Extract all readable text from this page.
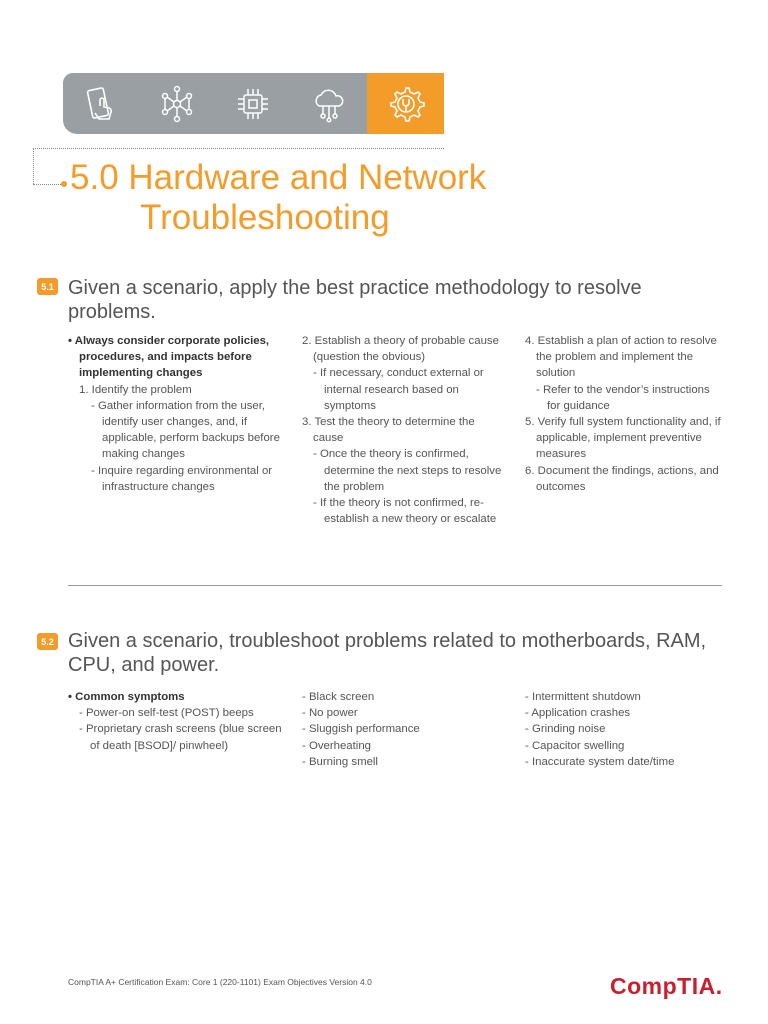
5.0 Hardware and Network
Troubleshooting
5.1 Given a scenario, apply the best practice methodology to resolve problems.

• Always consider corporate policies, procedures, and impacts before implementing changes

1. Identify the problem

- Gather information from the user, identify user changes, and, if applicable, perform backups before making changes

- Inquire regarding environmental or infrastructure changes

2. Establish a theory of probable cause (question the obvious)

- If necessary, conduct external or internal research based on symptoms

3. Test the theory to determine the cause

- Once the theory is confirmed, determine the next steps to resolve the problem

- If the theory is not confirmed, re-establish a new theory or escalate

4. Establish a plan of action to resolve the problem and implement the solution

- Refer to the vendor’s instructions for guidance

5. Verify full system functionality and, if applicable, implement preventive measures

6. Document the findings, actions, and outcomes

5.2 Given a scenario, troubleshoot problems related to motherboards, RAM, CPU, and power.

• Common symptoms

- Power-on self-test (POST) beeps

- Proprietary crash screens (blue screen of death [BSOD]/ pinwheel)

- Black screen

- No power

- Sluggish performance

- Overheating

- Burning smell

- Intermittent shutdown

- Application crashes

- Grinding noise

- Capacitor swelling

- Inaccurate system date/time

CompTIA A+ Certification Exam: Core 1 (220-1101) Exam Objectives Version 4.0	CompTIA.
